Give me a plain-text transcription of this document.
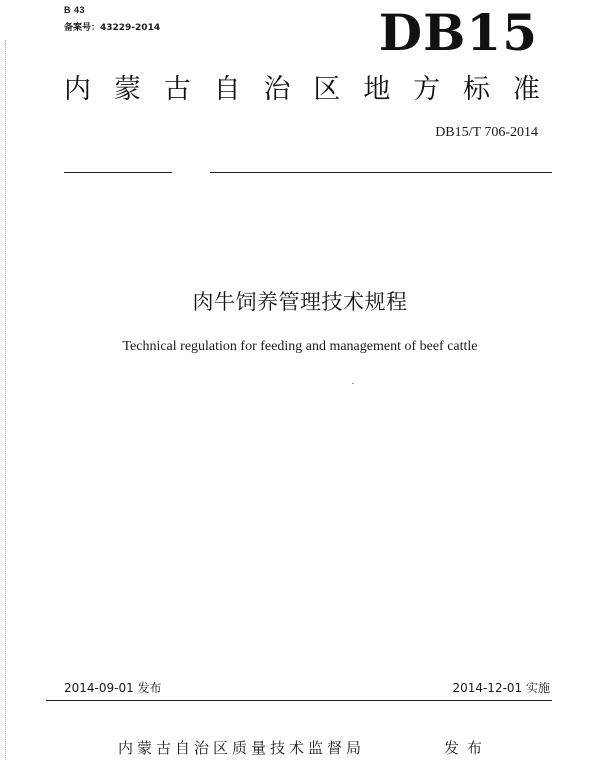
B 43
备案号：43229-2014	DB15
内 蒙 古 自 治 区 地 方 标 准
DB15/T 706-2014
肉牛饲养管理技术规程
Technical regulation for feeding and management of beef cattle
2014-09-01 发布	2014-12-01 实施
内蒙古自治区质量技术监督局	发布
